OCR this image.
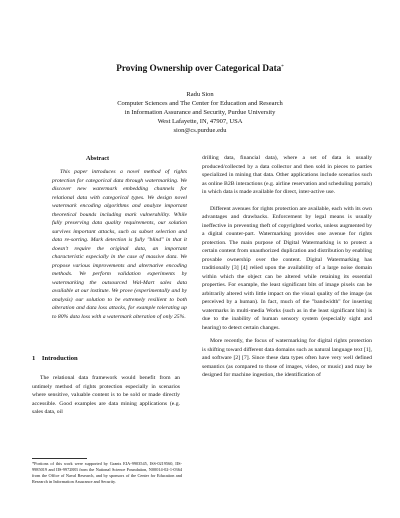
Proving Ownership over Categorical Data*
Radu Sion
Computer Sciences and The Center for Education and Research
in Information Assurance and Security, Purdue University
West Lafayette, IN, 47907, USA
sion@cs.purdue.edu
Abstract

This paper introduces a novel method of rights protection for categorical data through watermarking. We discover new watermark embedding channels for relational data with categorical types. We design novel watermark encoding algorithms and analyze important theoretical bounds including mark vulnerability. While fully preserving data quality requirements, our solution survives important attacks, such as subset selection and data re-sorting. Mark detection is fully "blind" in that it doesn't require the original data, an important characteristic especially in the case of massive data. We propose various improvements and alternative encoding methods. We perform validation experiments by watermarking the outsourced Wal-Mart sales data available at our institute. We prove (experimentally and by analysis) our solution to be extremely resilient to both alteration and data loss attacks, for example tolerating up to 80% data loss with a watermark alteration of only 25%.

1    Introduction

The relational data framework would benefit from an untimely method of rights protection especially in scenarios where sensitive, valuable content is to be sold or made directly accessible. Good examples are data mining applications (e.g. sales data, oil

*Portions of this work were supported by Grants EIA-9903545, ISS-0219560, IIS-9985019 and IIS-9972883 from the National Science Foundation, N00014-02-1-0364 from the Office of Naval Research, and by sponsors of the Center for Education and Research in Information Assurance and Security.

drilling data, financial data), where a set of data is usually produced/collected by a data collector and then sold in pieces to parties specialized in mining that data. Other applications include scenarios such as online B2B interactions (e.g. airline reservation and scheduling portals) in which data is made available for direct, inter-active use.

Different avenues for rights protection are available, each with its own advantages and drawbacks. Enforcement by legal means is usually ineffective in preventing theft of copyrighted works, unless augmented by a digital counter-part. Watermarking provides one avenue for rights protection. The main purpose of Digital Watermarking is to protect a certain content from unauthorized duplication and distribution by enabling provable ownership over the content. Digital Watermarking has traditionally [3] [4] relied upon the availability of a large noise domain within which the object can be altered while retaining its essential properties. For example, the least significant bits of image pixels can be arbitrarily altered with little impact on the visual quality of the image (as perceived by a human). In fact, much of the "bandwidth" for inserting watermarks in multi-media Works (such as in the least significant bits) is due to the inability of human sensory system (especially sight and hearing) to detect certain changes.

More recently, the focus of watermarking for digital rights protection is shifting toward different data domains such as natural language text [1], and software [2] [7]. Since these data types often have very well defined semantics (as compared to those of images, video, or music) and may be designed for machine ingestion, the identification of
